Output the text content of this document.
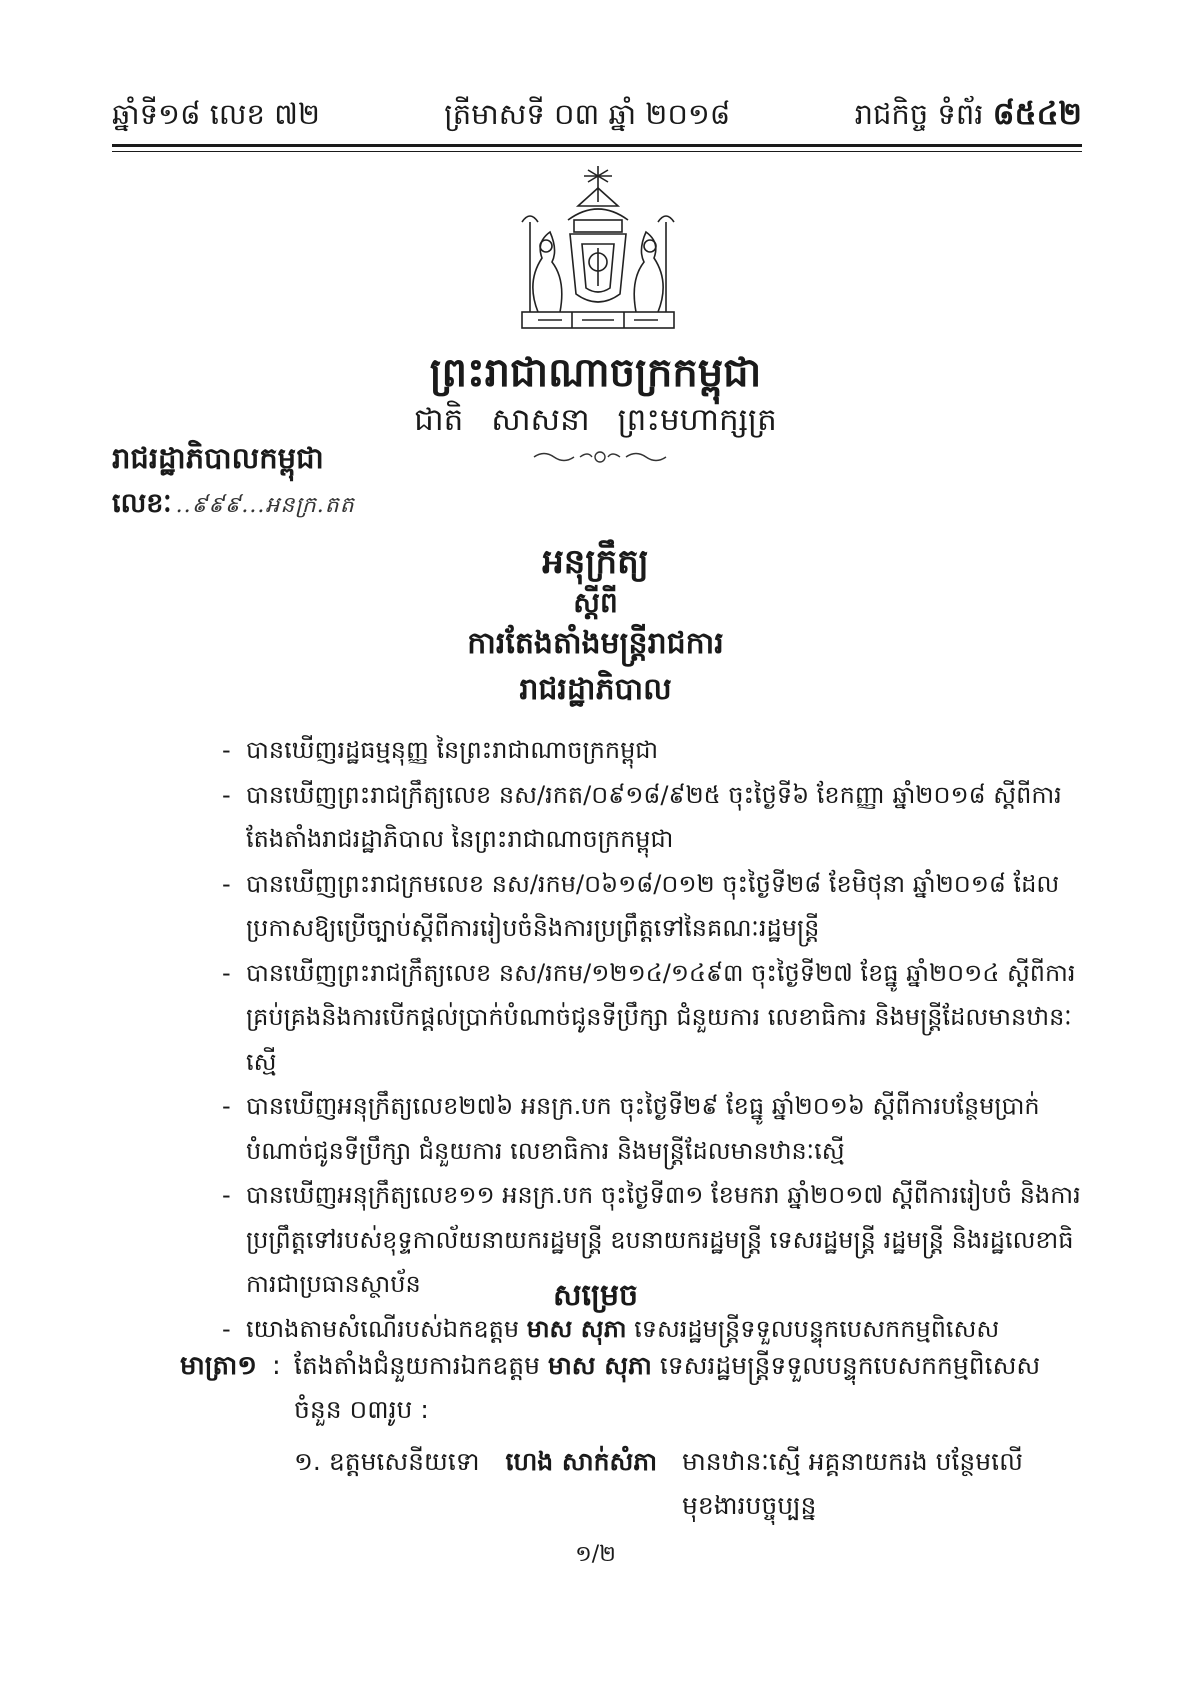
ឆ្នាំទី១៨ លេខ ៧២	ត្រីមាសទី ០៣ ឆ្នាំ ២០១៨	រាជកិច្ច ទំព័រ ៨៥៤២
ព្រះរាជាណាចក្រកម្ពុជា
ជាតិ សាសនា ព្រះមហាក្សត្រ
រាជរដ្ឋាភិបាលកម្ពុជា
លេខៈ ..៩៩៩...អនក្រ.តត
អនុក្រឹត្យ
ស្តីពី
ការតែងតាំងមន្ត្រីរាជការ
រាជរដ្ឋាភិបាល
- បានឃើញរដ្ឋធម្មនុញ្ញ នៃព្រះរាជាណាចក្រកម្ពុជា
- បានឃើញព្រះរាជក្រឹត្យលេខ នស/រកត/០៩១៨/៩២៥ ចុះថ្ងៃទី៦ ខែកញ្ញា ឆ្នាំ២០១៨ ស្តីពីការតែងតាំងរាជរដ្ឋាភិបាល នៃព្រះរាជាណាចក្រកម្ពុជា
- បានឃើញព្រះរាជក្រមលេខ នស/រកម/០៦១៨/០១២ ចុះថ្ងៃទី២៨ ខែមិថុនា ឆ្នាំ២០១៨ ដែលប្រកាសឱ្យប្រើច្បាប់ស្តីពីការរៀបចំនិងការប្រព្រឹត្តទៅនៃគណៈរដ្ឋមន្ត្រី
- បានឃើញព្រះរាជក្រឹត្យលេខ នស/រកម/១២១៤/១៤៩៣ ចុះថ្ងៃទី២៧ ខែធ្នូ ឆ្នាំ២០១៤ ស្តីពីការគ្រប់គ្រងនិងការបើកផ្តល់ប្រាក់បំណាច់ជូនទីប្រឹក្សា ជំនួយការ លេខាធិការ និងមន្ត្រីដែលមានឋានៈស្មើ
- បានឃើញអនុក្រឹត្យលេខ២៧៦ អនក្រ.បក ចុះថ្ងៃទី២៩ ខែធ្នូ ឆ្នាំ២០១៦ ស្តីពីការបន្ថែមប្រាក់បំណាច់ជូនទីប្រឹក្សា ជំនួយការ លេខាធិការ និងមន្ត្រីដែលមានឋានៈស្មើ
- បានឃើញអនុក្រឹត្យលេខ១១ អនក្រ.បក ចុះថ្ងៃទី៣១ ខែមករា ឆ្នាំ២០១៧ ស្តីពីការរៀបចំ និងការប្រព្រឹត្តទៅរបស់ខុទ្ទកាល័យនាយករដ្ឋមន្ត្រី ឧបនាយករដ្ឋមន្ត្រី ទេសរដ្ឋមន្ត្រី រដ្ឋមន្ត្រី និងរដ្ឋលេខាធិការជាប្រធានស្ថាប័ន
- យោងតាមសំណើរបស់ឯកឧត្តម មាស សុភា ទេសរដ្ឋមន្ត្រីទទួលបន្ទុកបេសកកម្មពិសេស
សម្រេច
មាត្រា១ : តែងតាំងជំនួយការឯកឧត្តម មាស សុភា ទេសរដ្ឋមន្ត្រីទទួលបន្ទុកបេសកកម្មពិសេសចំនួន ០៣រូប :
១. ឧត្តមសេនីយទោ ហេង សាក់សំភា មានឋានៈស្មើ អគ្គនាយករង បន្ថែមលើមុខងារបច្ចុប្បន្ន
១/២
